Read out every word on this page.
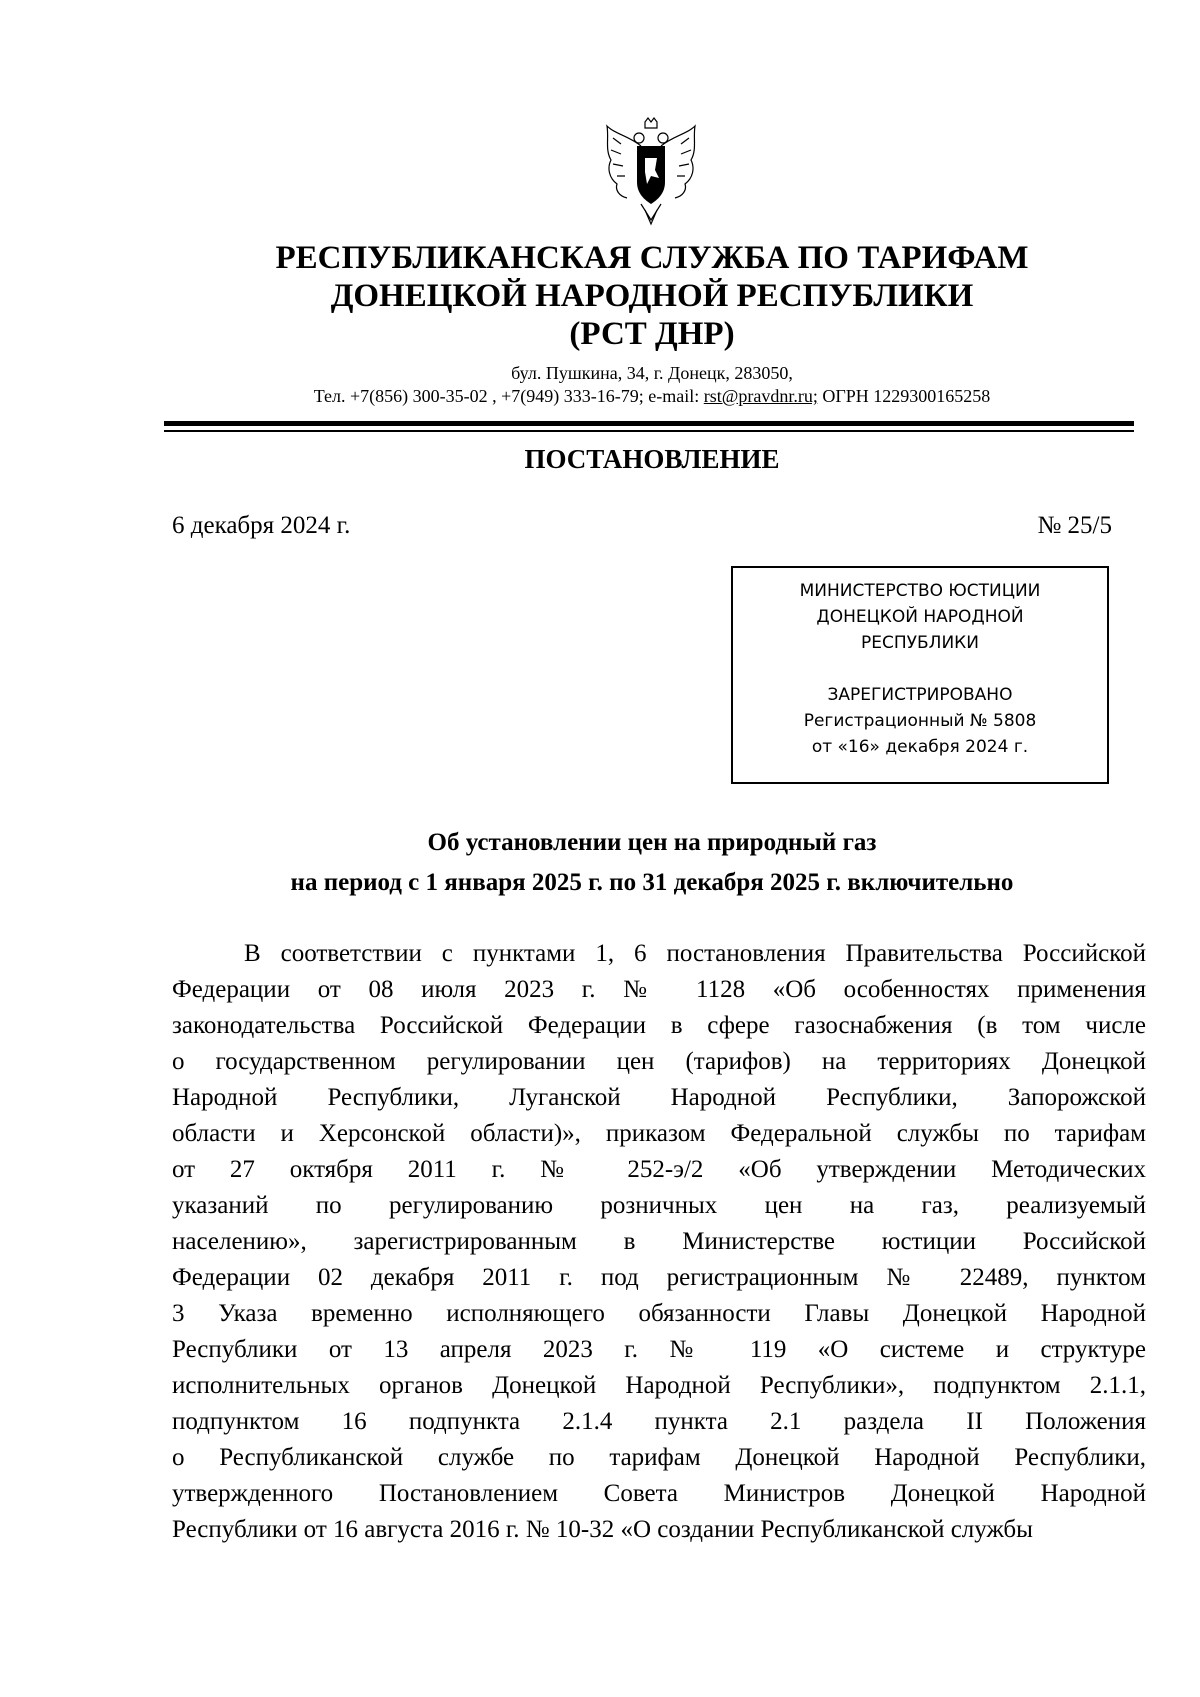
РЕСПУБЛИКАНСКАЯ СЛУЖБА ПО ТАРИФАМ
ДОНЕЦКОЙ НАРОДНОЙ РЕСПУБЛИКИ
(РСТ ДНР)
бул. Пушкина, 34, г. Донецк, 283050,
Тел. +7(856) 300-35-02 , +7(949) 333-16-79; e-mail: rst@pravdnr.ru; ОГРН 1229300165258
ПОСТАНОВЛЕНИЕ
6 декабря 2024 г.	№ 25/5
МИНИСТЕРСТВО ЮСТИЦИИ
ДОНЕЦКОЙ НАРОДНОЙ
РЕСПУБЛИКИ
ЗАРЕГИСТРИРОВАНО
Регистрационный № 5808
от «16» декабря 2024 г.
Об установлении цен на природный газ
на период с 1 января 2025 г. по 31 декабря 2025 г. включительно
В соответствии с пунктами 1, 6 постановления Правительства Российской
Федерации от 08 июля 2023 г. № 1128 «Об особенностях применения
законодательства Российской Федерации в сфере газоснабжения (в том числе
о государственном регулировании цен (тарифов) на территориях Донецкой
Народной Республики, Луганской Народной Республики, Запорожской
области и Херсонской области)», приказом Федеральной службы по тарифам
от 27 октября 2011 г. № 252-э/2 «Об утверждении Методических
указаний по регулированию розничных цен на газ, реализуемый
населению», зарегистрированным в Министерстве юстиции Российской
Федерации 02 декабря 2011 г. под регистрационным № 22489, пунктом
3 Указа временно исполняющего обязанности Главы Донецкой Народной
Республики от 13 апреля 2023 г. № 119 «О системе и структуре
исполнительных органов Донецкой Народной Республики», подпунктом 2.1.1,
подпунктом 16 подпункта 2.1.4 пункта 2.1 раздела II Положения
о Республиканской службе по тарифам Донецкой Народной Республики,
утвержденного Постановлением Совета Министров Донецкой Народной
Республики от 16 августа 2016 г. № 10-32 «О создании Республиканской службы
